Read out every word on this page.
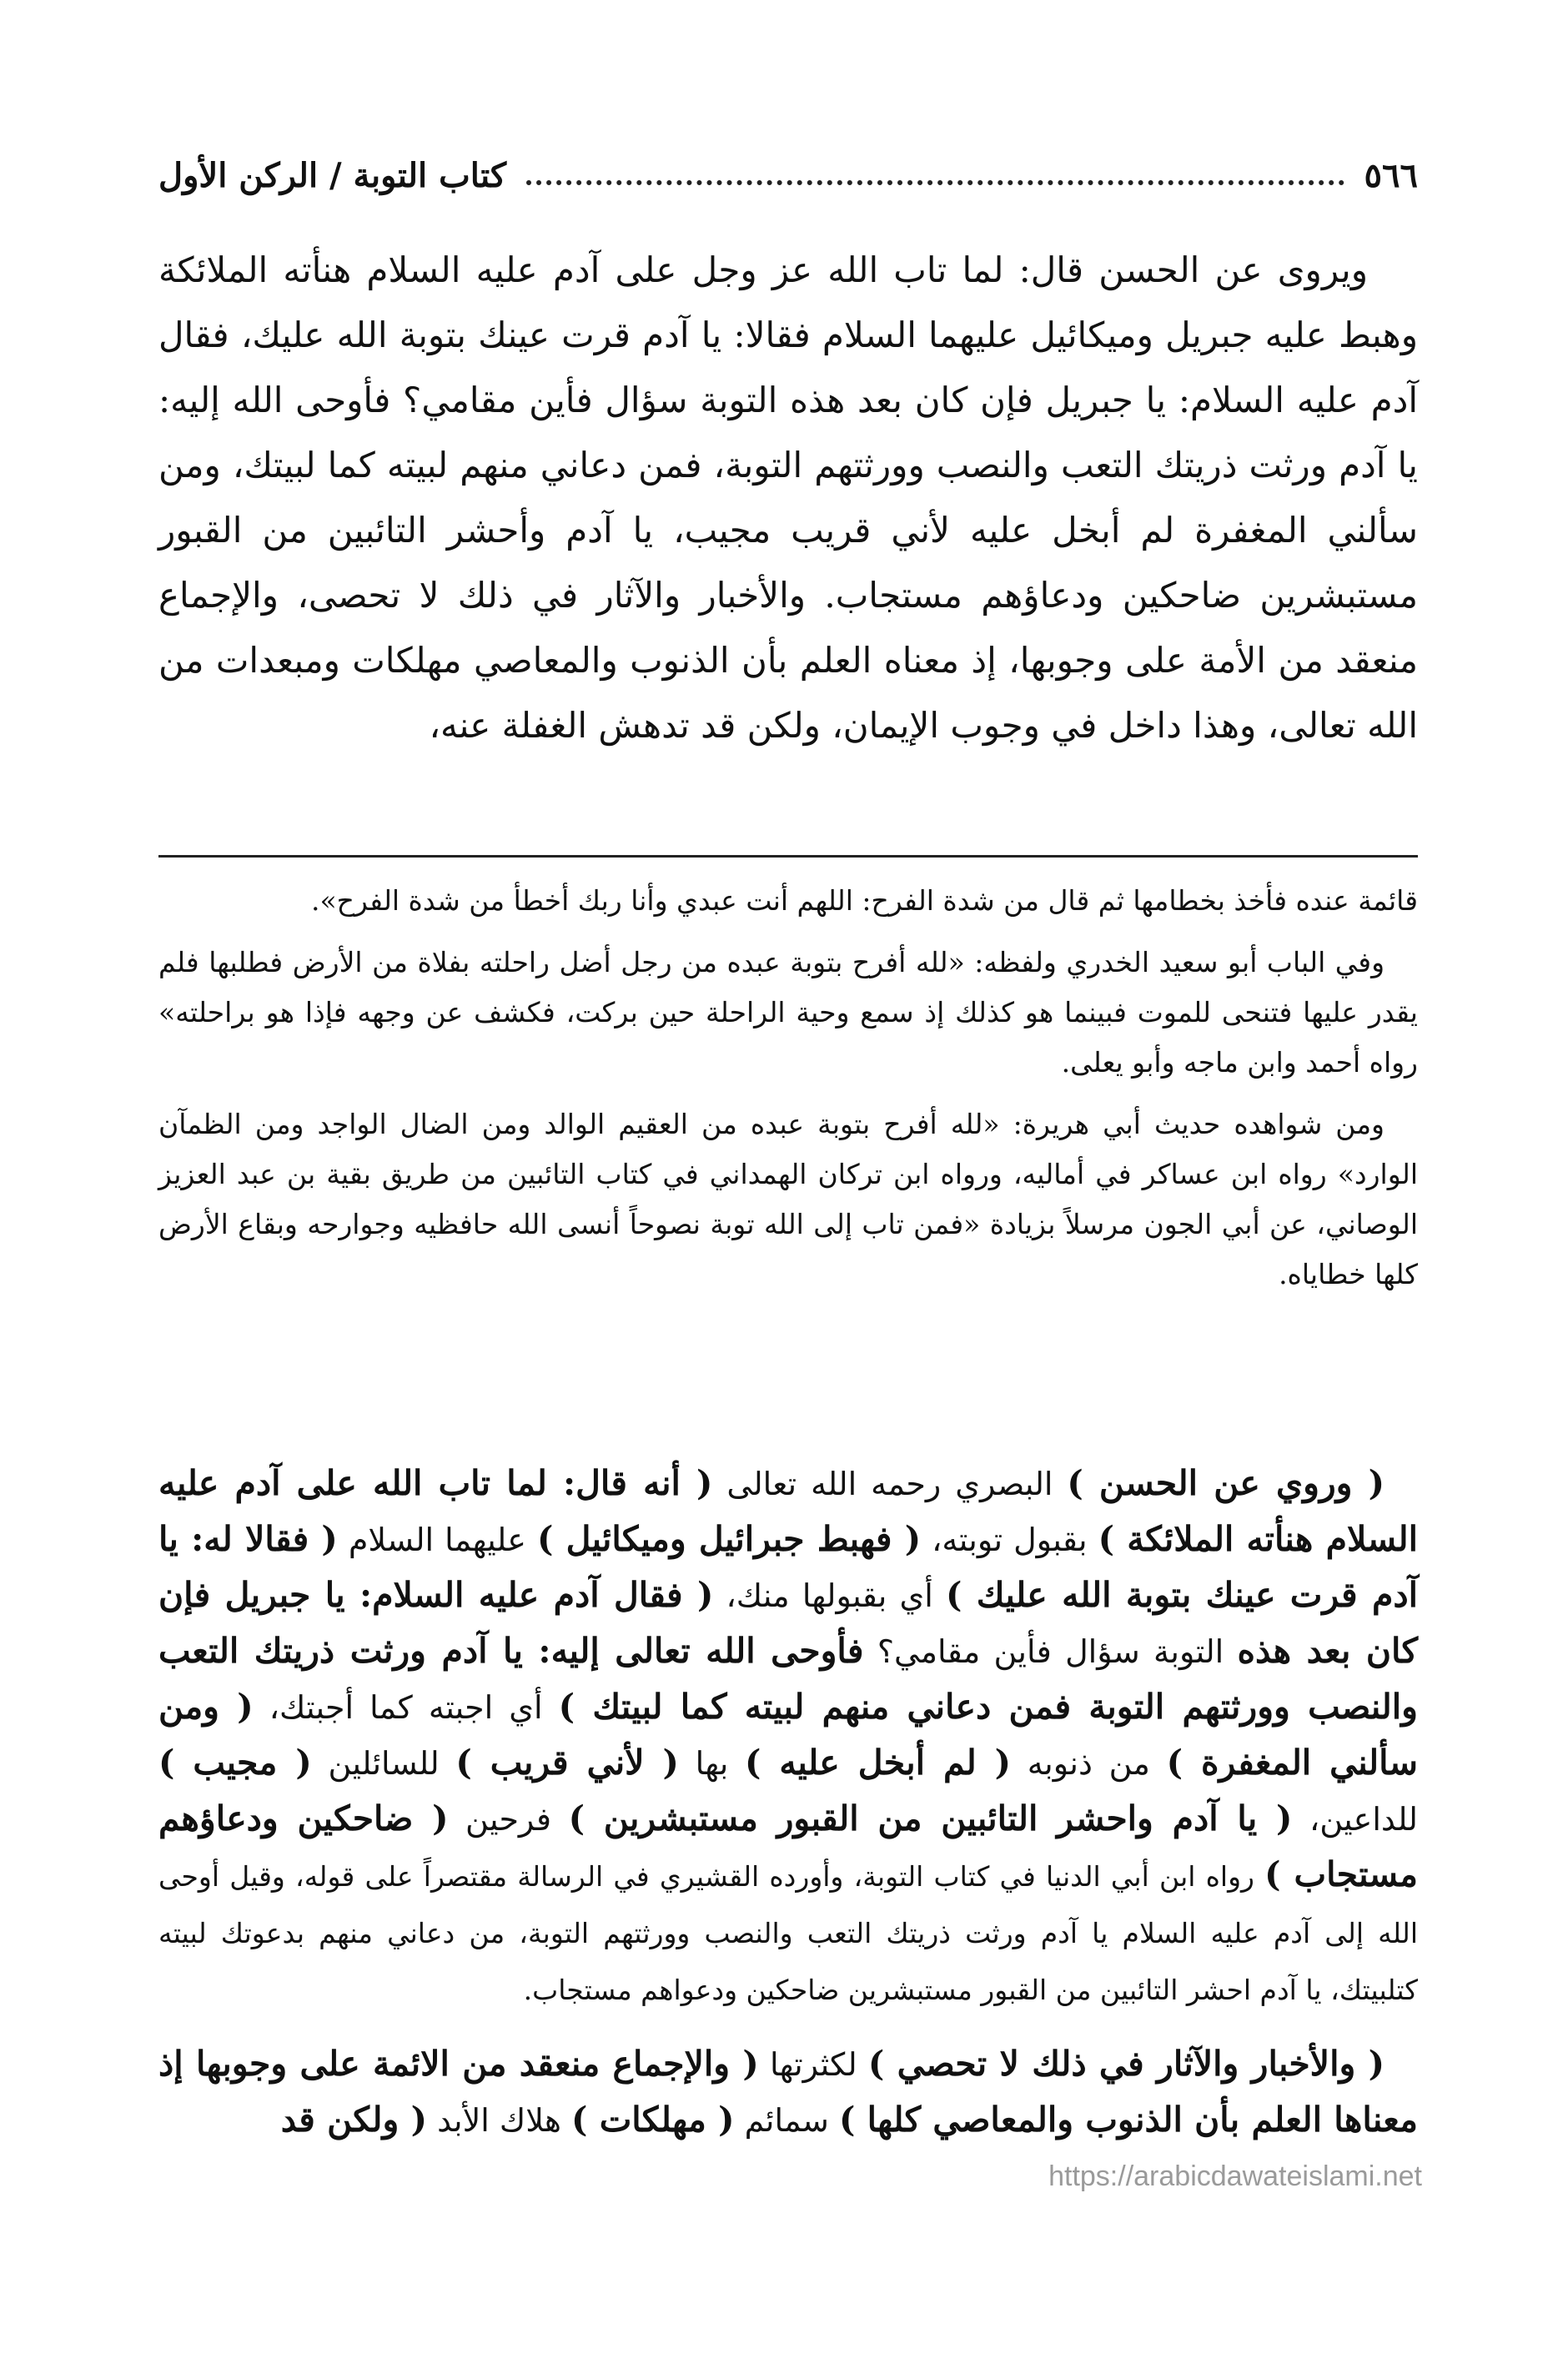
٥٦٦
كتاب التوبة / الركن الأول

ويروى عن الحسن قال: لما تاب الله عز وجل على آدم عليه السلام هنأته الملائكة وهبط عليه جبريل وميكائيل عليهما السلام فقالا: يا آدم قرت عينك بتوبة الله عليك، فقال آدم عليه السلام: يا جبريل فإن كان بعد هذه التوبة سؤال فأين مقامي؟ فأوحى الله إليه: يا آدم ورثت ذريتك التعب والنصب وورثتهم التوبة، فمن دعاني منهم لبيته كما لبيتك، ومن سألني المغفرة لم أبخل عليه لأني قريب مجيب، يا آدم وأحشر التائبين من القبور مستبشرين ضاحكين ودعاؤهم مستجاب. والأخبار والآثار في ذلك لا تحصى، والإجماع منعقد من الأمة على وجوبها، إذ معناه العلم بأن الذنوب والمعاصي مهلكات ومبعدات من الله تعالى، وهذا داخل في وجوب الإيمان، ولكن قد تدهش الغفلة عنه،

قائمة عنده فأخذ بخطامها ثم قال من شدة الفرح: اللهم أنت عبدي وأنا ربك أخطأ من شدة الفرح».

وفي الباب أبو سعيد الخدري ولفظه: «لله أفرح بتوبة عبده من رجل أضل راحلته بفلاة من الأرض فطلبها فلم يقدر عليها فتنحى للموت فبينما هو كذلك إذ سمع وحية الراحلة حين بركت، فكشف عن وجهه فإذا هو براحلته» رواه أحمد وابن ماجه وأبو يعلى.

ومن شواهده حديث أبي هريرة: «لله أفرح بتوبة عبده من العقيم الوالد ومن الضال الواجد ومن الظمآن الوارد» رواه ابن عساكر في أماليه، ورواه ابن تركان الهمداني في كتاب التائبين من طريق بقية بن عبد العزيز الوصاني، عن أبي الجون مرسلاً بزيادة «فمن تاب إلى الله توبة نصوحاً أنسى الله حافظيه وجوارحه وبقاع الأرض كلها خطاياه.

( وروي عن الحسن ) البصري رحمه الله تعالى ( أنه قال: لما تاب الله على آدم عليه السلام هنأته الملائكة ) بقبول توبته، ( فهبط جبرائيل وميكائيل ) عليهما السلام ( فقالا له: يا آدم قرت عينك بتوبة الله عليك ) أي بقبولها منك، ( فقال آدم عليه السلام: يا جبريل فإن كان بعد هذه التوبة سؤال فأين مقامي؟ فأوحى الله تعالى إليه: يا آدم ورثت ذريتك التعب والنصب وورثتهم التوبة فمن دعاني منهم لبيته كما لبيتك ) أي اجبته كما أجبتك، ( ومن سألني المغفرة ) من ذنوبه ( لم أبخل عليه ) بها ( لأني قريب ) للسائلين ( مجيب ) للداعين، ( يا آدم واحشر التائبين من القبور مستبشرين ) فرحين ( ضاحكين ودعاؤهم مستجاب ) رواه ابن أبي الدنيا في كتاب التوبة، وأورده القشيري في الرسالة مقتصراً على قوله، وقيل أوحى الله إلى آدم عليه السلام يا آدم ورثت ذريتك التعب والنصب وورثتهم التوبة، من دعاني منهم بدعوتك لبيته كتلبيتك، يا آدم احشر التائبين من القبور مستبشرين ضاحكين ودعواهم مستجاب.

( والأخبار والآثار في ذلك لا تحصي ) لكثرتها ( والإجماع منعقد من الائمة على وجوبها إذ معناها العلم بأن الذنوب والمعاصي كلها ) سمائم ( مهلكات ) هلاك الأبد ( ولكن قد

https://arabicdawateislami.net
